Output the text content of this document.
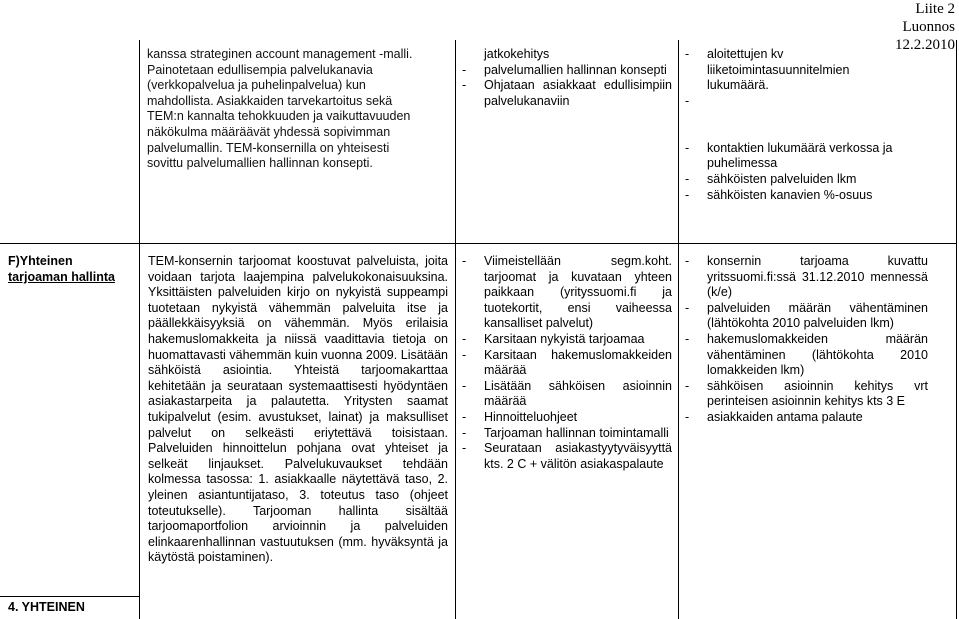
Liite 2
Luonnos
12.2.2010
kanssa strateginen account management -malli.
Painotetaan edullisempia palvelukanavia
(verkkopalvelua ja puhelinpalvelua) kun
mahdollista. Asiakkaiden tarvekartoitus sekä
TEM:n kannalta tehokkuuden ja vaikuttavuuden
näkökulma määräävät yhdessä sopivimman
palvelumallin. TEM-konsernilla on yhteisesti
sovittu palvelumallien hallinnan konsepti.
jatkokehitys
- palvelumallien hallinnan konsepti
- Ohjataan asiakkaat edullisimpiin palvelukanaviin
- aloitettujen kv liiketoimintasuunnitelmien lukumäärä.
-
- kontaktien lukumäärä verkossa ja puhelimessa
- sähköisten palveluiden lkm
- sähköisten kanavien %-osuus
F)Yhteinen
tarjoaman hallinta
TEM-konsernin tarjoomat koostuvat palveluista, joita voidaan tarjota laajempina palvelukokonaisuuksina. Yksittäisten palveluiden kirjo on nykyistä suppeampi tuotetaan nykyistä vähemmän palveluita itse ja päällekkäisyyksiä on vähemmän. Myös erilaisia hakemuslomakkeita ja niissä vaadittavia tietoja on huomattavasti vähemmän kuin vuonna 2009. Lisätään sähköistä asiointia. Yhteistä tarjoomakarttaa kehitetään ja seurataan systemaattisesti hyödyntäen asiakastarpeita ja palautetta. Yritysten saamat tukipalvelut (esim. avustukset, lainat) ja maksulliset palvelut on selkeästi eriytettävä toisistaan. Palveluiden hinnoittelun pohjana ovat yhteiset ja selkeät linjaukset. Palvelukuvaukset tehdään kolmessa tasossa: 1. asiakkaalle näytettävä taso, 2. yleinen asiantuntijataso, 3. toteutus taso (ohjeet toteutukselle). Tarjooman hallinta sisältää tarjoomaportfolion arvioinnin ja palveluiden elinkaarenhallinnan vastuutuksen (mm. hyväksyntä ja käytöstä poistaminen).
- Viimeistellään segm.koht. tarjoomat ja kuvataan yhteen paikkaan (yrityssuomi.fi ja tuotekortit, ensi vaiheessa kansalliset palvelut)
- Karsitaan nykyistä tarjoamaa
- Karsitaan hakemuslomakkeiden määrää
- Lisätään sähköisen asioinnin määrää
- Hinnoitteluohjeet
- Tarjoaman hallinnan toimintamalli
- Seurataan asiakastyytyväisyyttä kts. 2 C + välitön asiakaspalaute
- konsernin tarjoama kuvattu yritssuomi.fi:ssä 31.12.2010 mennessä (k/e)
- palveluiden määrän vähentäminen (lähtökohta 2010 palveluiden lkm)
- hakemuslomakkeiden määrän vähentäminen (lähtökohta 2010 lomakkeiden lkm)
- sähköisen asioinnin kehitys vrt perinteisen asioinnin kehitys kts 3 E
- asiakkaiden antama palaute
4. YHTEINEN
